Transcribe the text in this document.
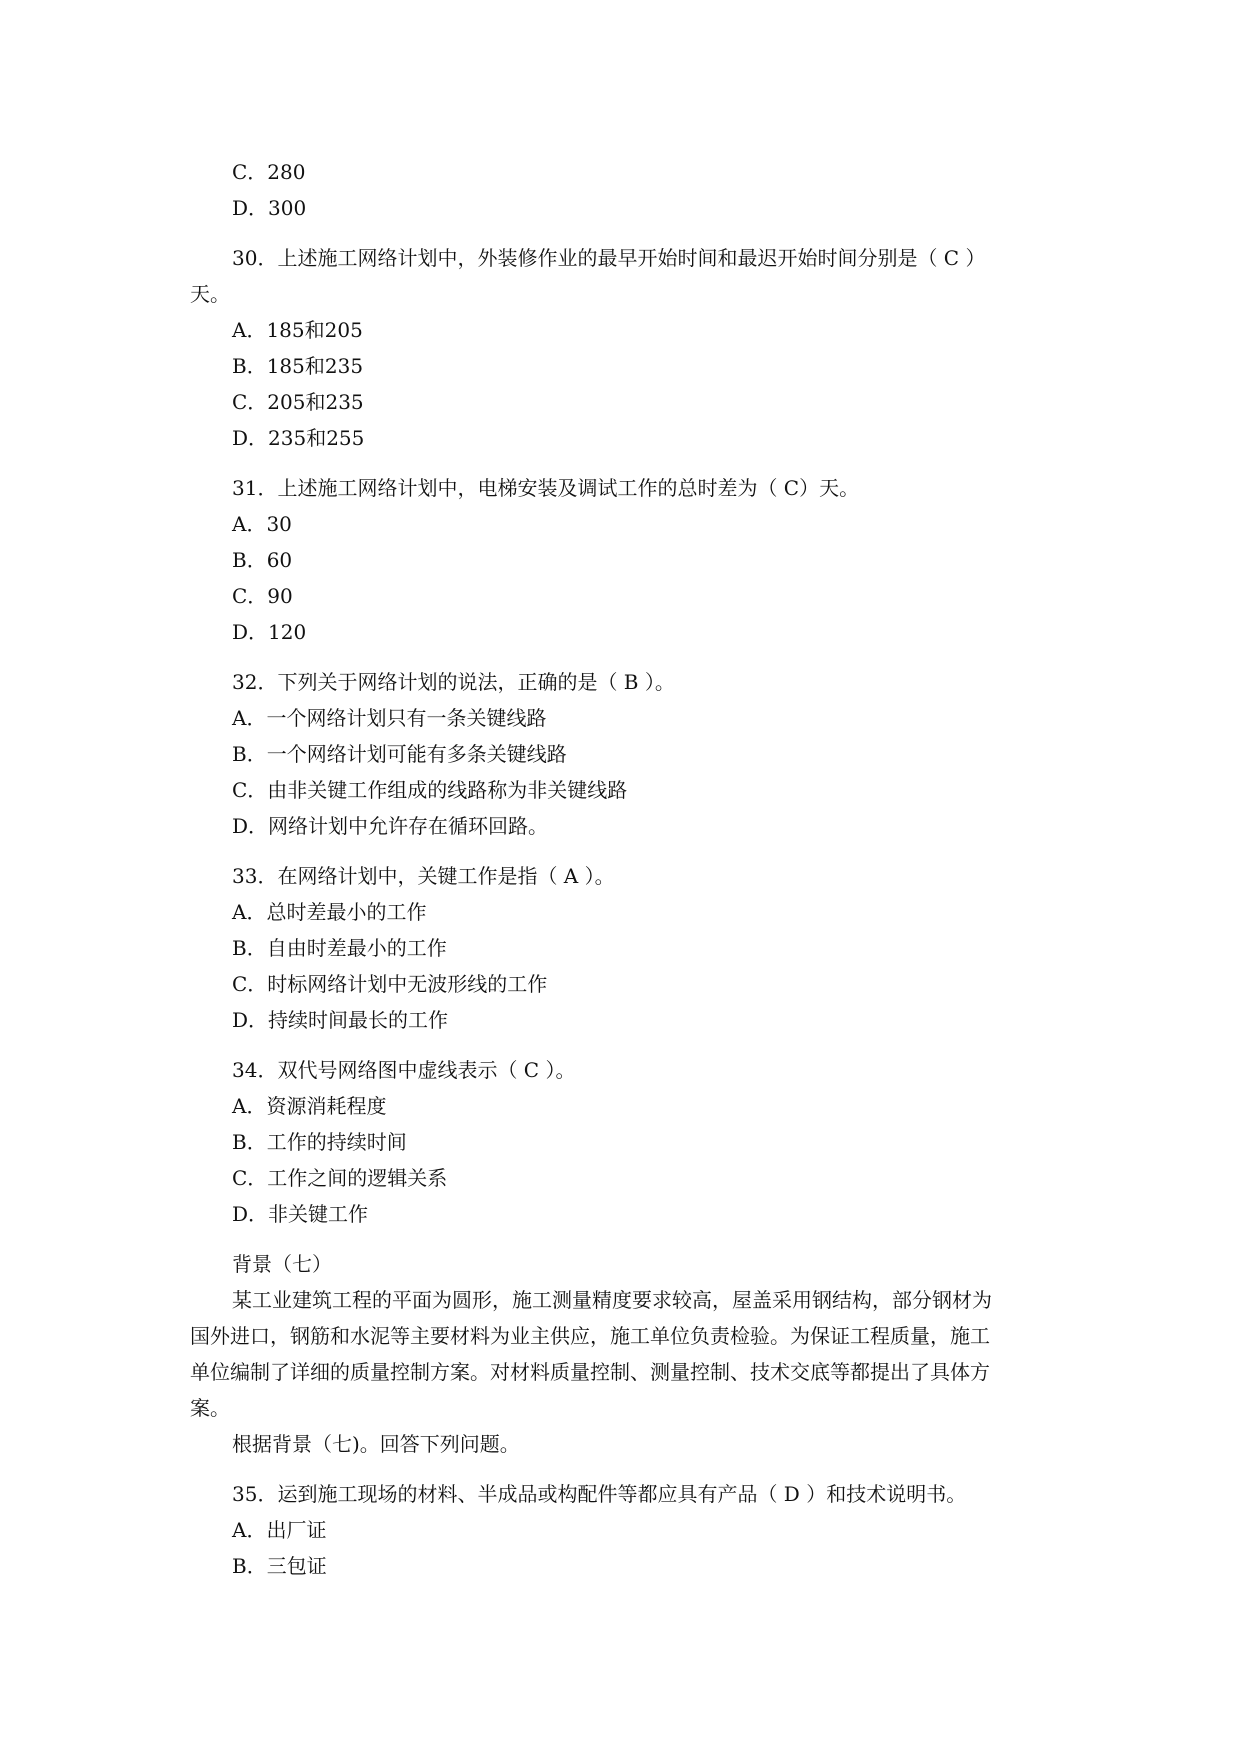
C．280
D．300
30．上述施工网络计划中，外装修作业的最早开始时间和最迟开始时间分别是（ C ）
天。
A．185和205
B．185和235
C．205和235
D．235和255
31．上述施工网络计划中，电梯安装及调试工作的总时差为（ C）天。
A．30
B．60
C．90
D．120
32．下列关于网络计划的说法，正确的是（ B ）。
A．一个网络计划只有一条关键线路
B．一个网络计划可能有多条关键线路
C．由非关键工作组成的线路称为非关键线路
D．网络计划中允许存在循环回路。
33．在网络计划中，关键工作是指（ A ）。
A．总时差最小的工作
B．自由时差最小的工作
C．时标网络计划中无波形线的工作
D．持续时间最长的工作
34．双代号网络图中虚线表示（ C ）。
A．资源消耗程度
B．工作的持续时间
C．工作之间的逻辑关系
D．非关键工作
背景（七）
某工业建筑工程的平面为圆形，施工测量精度要求较高，屋盖采用钢结构，部分钢材为
国外进口，钢筋和水泥等主要材料为业主供应，施工单位负责检验。为保证工程质量，施工
单位编制了详细的质量控制方案。对材料质量控制、测量控制、技术交底等都提出了具体方
案。
根据背景（七)。回答下列问题。
35．运到施工现场的材料、半成品或构配件等都应具有产品（ D ）和技术说明书。
A．出厂证
B．三包证
